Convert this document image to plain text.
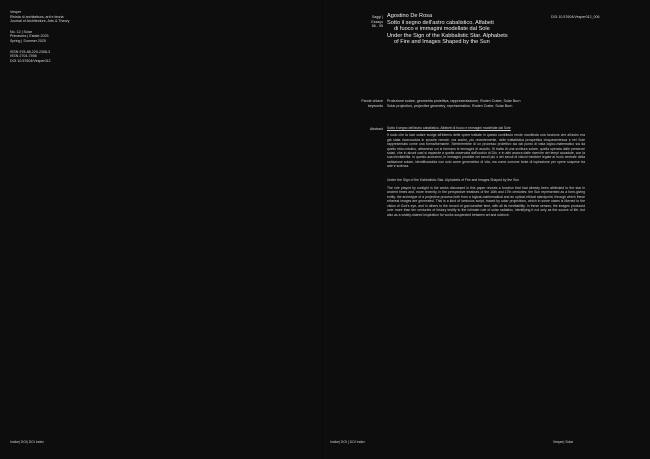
Vesper

Rivista di architettura, arti e teoria

Journal of Architecture, Arts & Theory

No. 12 | Solar

Primavera | Estate 2025

Spring | Summer 2025

ISSN 978-88-229-2308-3

ISSN 2704-7598

DOI 10.57604/Vesper012

Indice| DOI| DOI Index

Saggi | Essays

86 - 95

DOI 10.57604/Vesper012_006

Agostino De Rosa

Sotto il segno dell'astro cabalistico. Alfabeti

di fuoco e immagini modellate dal Sole

Under the Sign of the Kabbalistic Star. Alphabets

of Fire and Images Shaped by the Sun

Parole chiave

keywords

Proiezione solare, geometria proiettiva, rappresentazione, Roden Crater, Solar Burn

Solar projection, projective geometry, representation, Roden Crater, Solar Burn

Abstract Sotto il segno dell'astro cabalistico. Alfabeti di fuoco e immagini modellate dal Sole

Il ruolo che la luce solare svolge all'interno delle opere trattate in questo contributo rende manifesta una funzione che all'astro era già stata riconosciuta in epoche remote, ma anche, più recentemente, nelle trattatistica prospettica cinquecentesca e nel Sole rappresentato come una forma/formante. Sembrerebbe di un processo proiettivo sia dal punto di vista logico-matematico sia da quello etico-mistico, attraverso cui si formano le immagini di ascolto. Si tratta di una scrittura solare, quella operata dalle presenze solari, che in alcuni casi si espande a quella osservata dall'occhio di Dio, e in altri ancora dalle ricerche dei tempi accadute, con la sua inevitabilità. In questo accezioni, le immagini prodotte nei secoli più o dei secoli di visioni mistiche legate al ruolo centrale della radiazione solare, identificandola non solo come generatrice di vita, ma come comune fonte di ispirazione per opere sospese tra arte e scienza.

Under the Sign of the Kabbalistic Star. Alphabets of Fire and Images Shaped by the Sun

The role played by sunlight in the works discussed in this paper reveals a function that had already been attributed to the star in ancient times and, more recently, in the perspective treatises of the 16th and 17th centuries: the Sun represented as a form-giving entity, the archetype of a projective process both from a logical-mathematical and an optical-ethical standpoint, through which these ethereal images are generated. This is a kind of luminous script, traced by solar projections, which in some cases is likened to the vision of God's eye, and in others to the record of god-weather time, with all its inevitability. In these senses, the images produced over more than ten centuries of history testify to the intimate role of solar radiation, identifying it not only as the source of life, but also as a widely-shared inspiration for works suspended between art and science.

Indice| DOI | DOI Index	Vesper| Solar
